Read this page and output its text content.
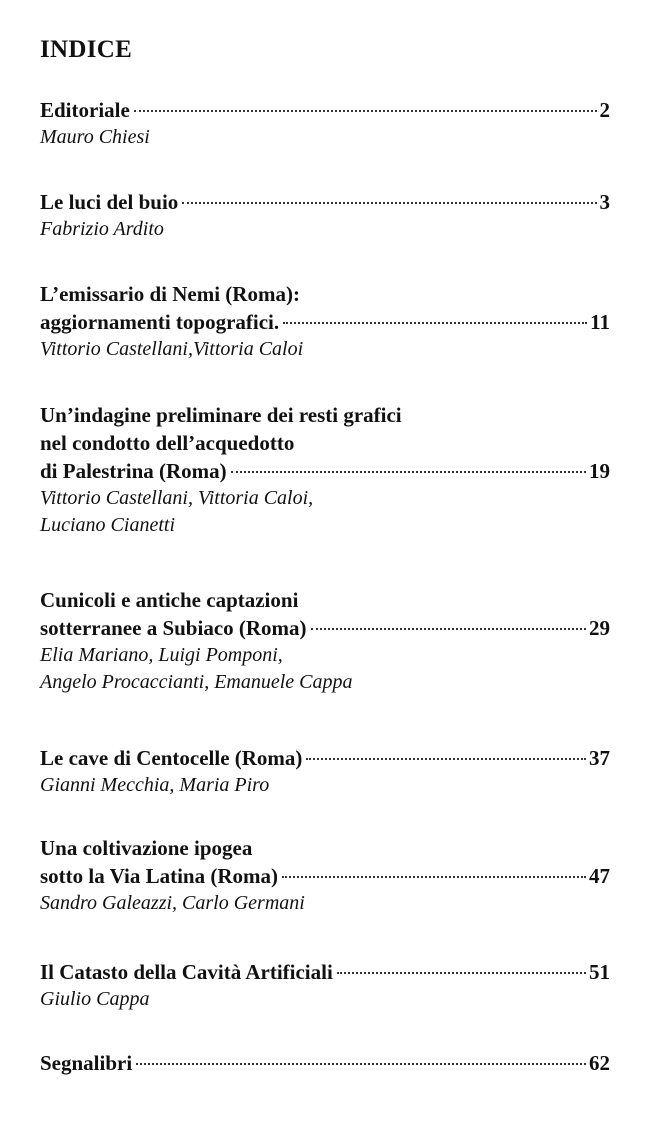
INDICE
Editoriale	2
Mauro Chiesi
Le luci del buio	3
Fabrizio Ardito
L’emissario di Nemi (Roma):
aggiornamenti topografici.	11
Vittorio Castellani,Vittoria Caloi
Un’indagine preliminare dei resti grafici
nel condotto dell’acquedotto
di Palestrina (Roma)	19
Vittorio Castellani, Vittoria Caloi,
Luciano Cianetti
Cunicoli e antiche captazioni
sotterranee a Subiaco (Roma)	29
Elia Mariano, Luigi Pomponi,
Angelo Procaccianti, Emanuele Cappa
Le cave di Centocelle (Roma)	37
Gianni Mecchia, Maria Piro
Una coltivazione ipogea
sotto la Via Latina (Roma)	47
Sandro Galeazzi, Carlo Germani
Il Catasto della Cavità Artificiali	51
Giulio Cappa
Segnalibri	62
